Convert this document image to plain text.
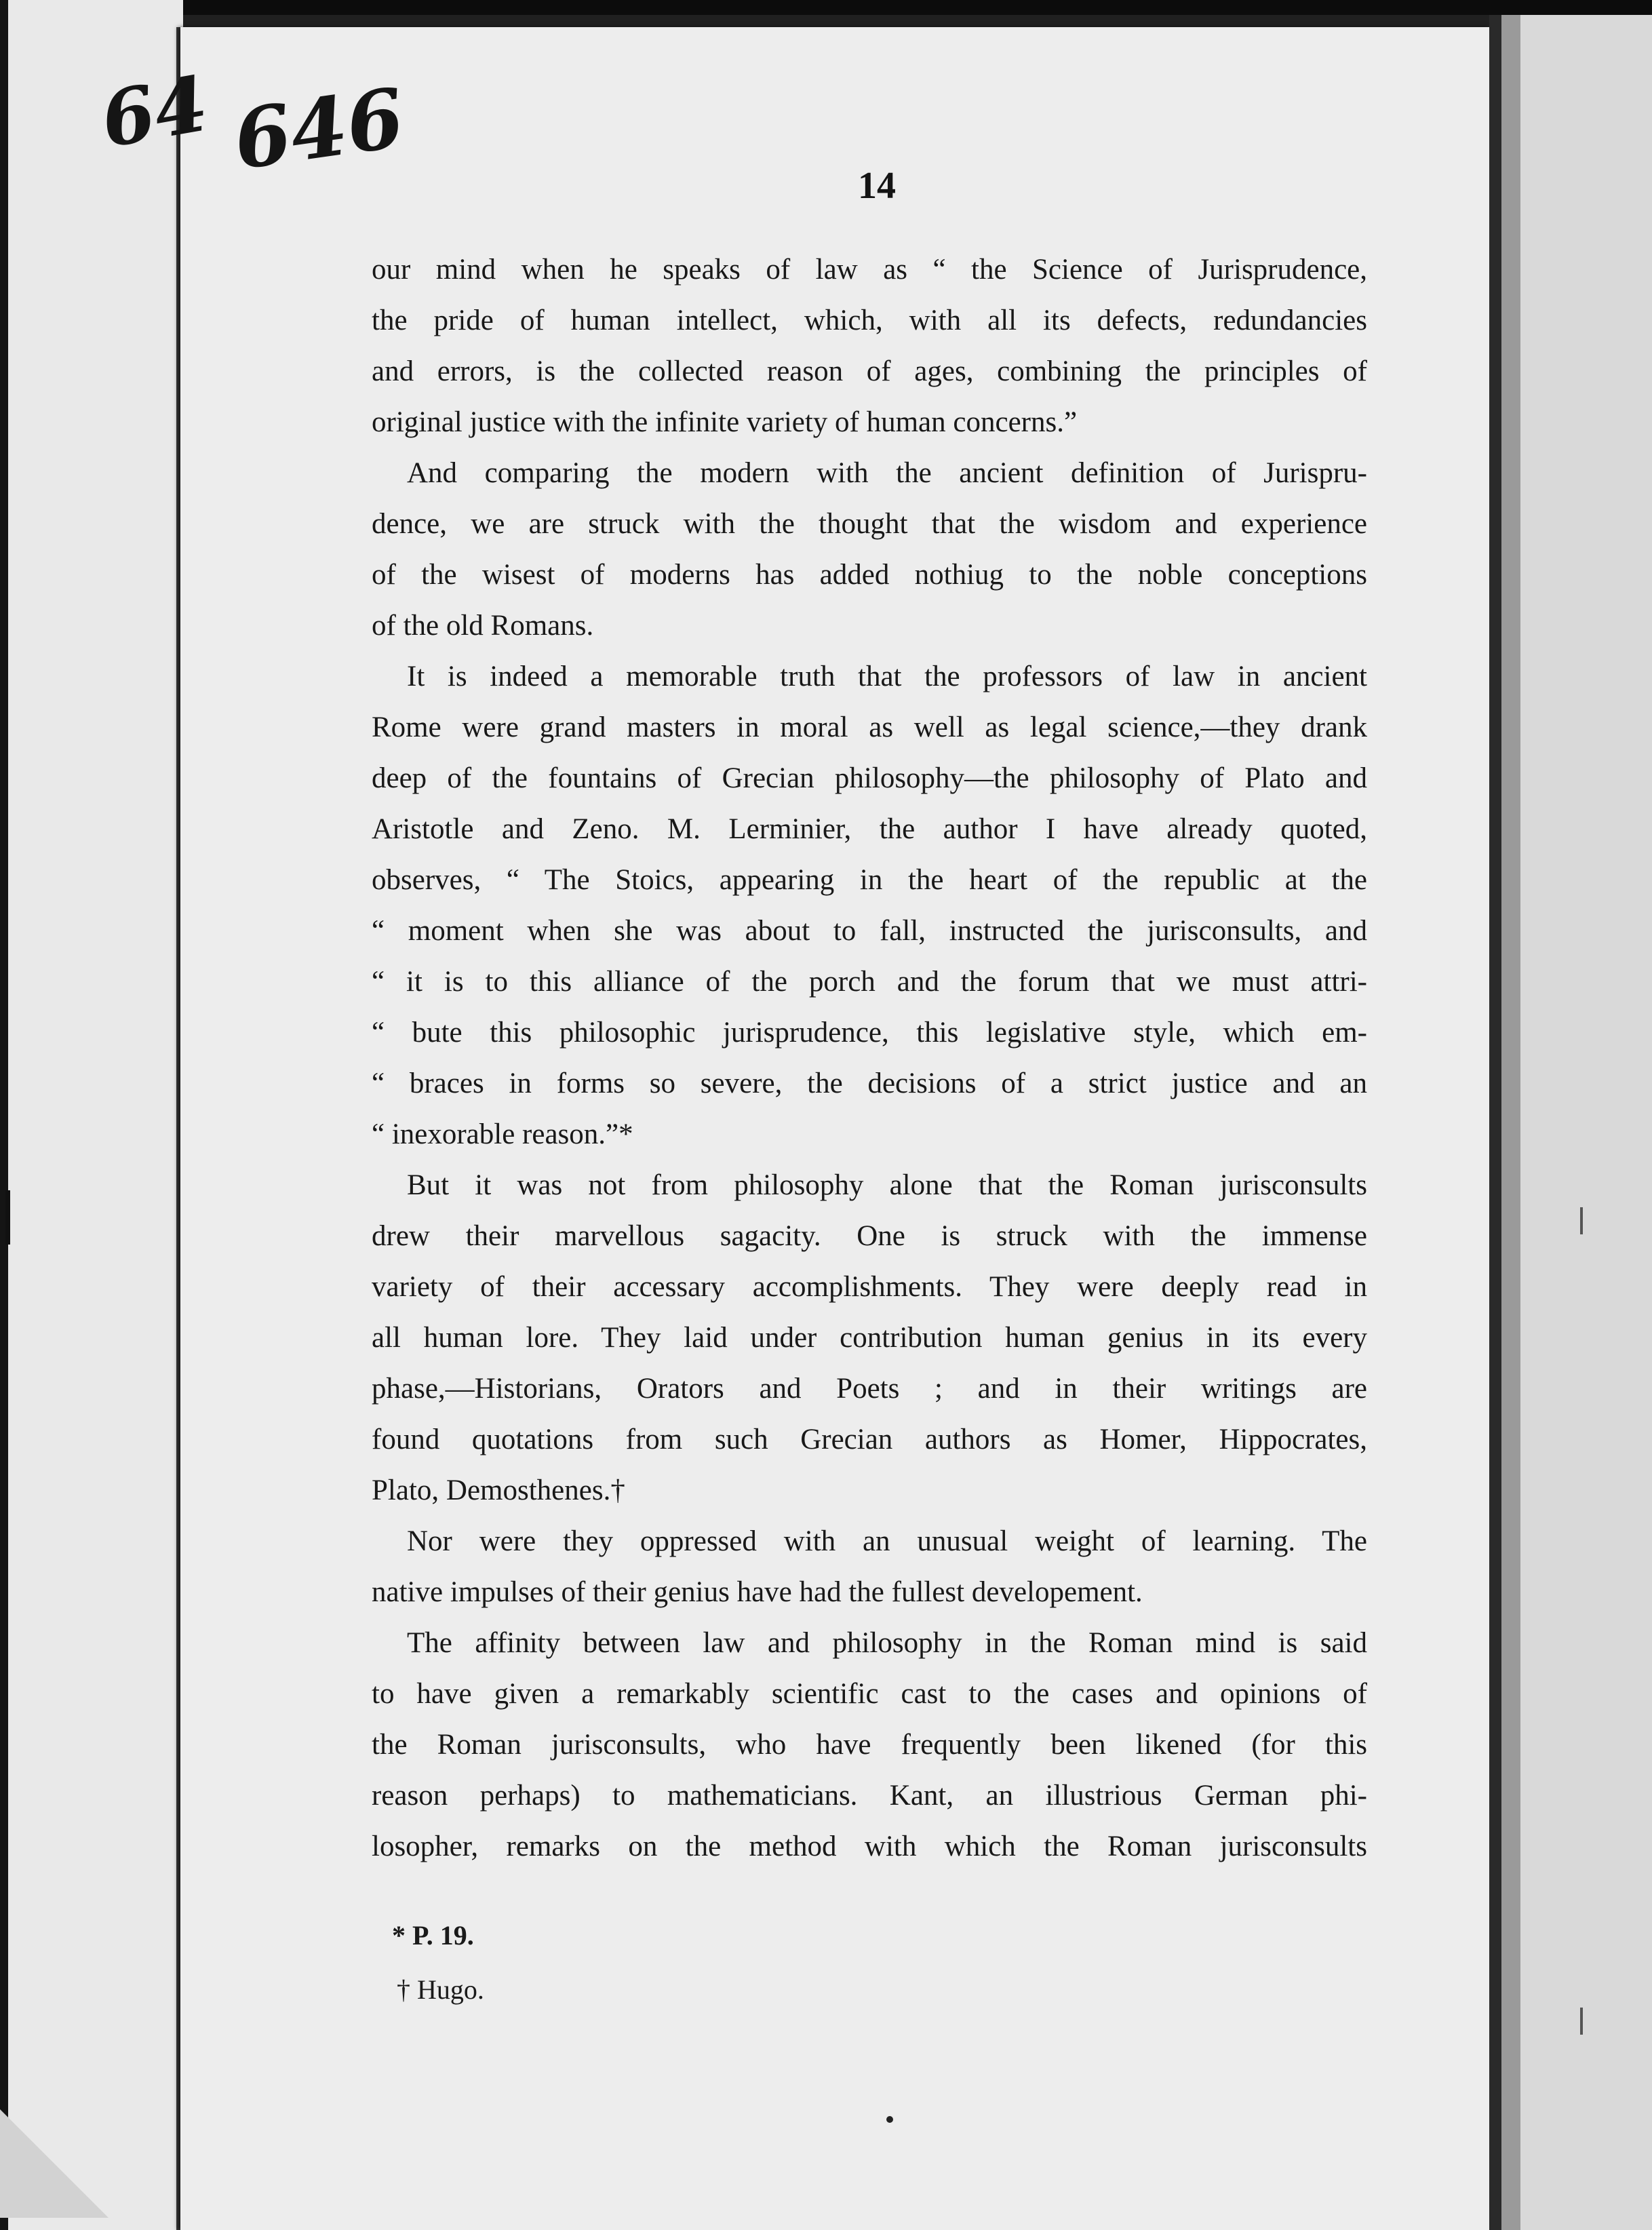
64 646	14
our mind when he speaks of law as “ the Science of Jurisprudence,
the pride of human intellect, which, with all its defects, redundancies
and errors, is the collected reason of ages, combining the principles of
original justice with the infinite variety of human concerns.”
And comparing the modern with the ancient definition of Jurispru-
dence, we are struck with the thought that the wisdom and experience
of the wisest of moderns has added nothiug to the noble conceptions
of the old Romans.
It is indeed a memorable truth that the professors of law in ancient
Rome were grand masters in moral as well as legal science,—they drank
deep of the fountains of Grecian philosophy—the philosophy of Plato and
Aristotle and Zeno. M. Lerminier, the author I have already quoted,
observes, “ The Stoics, appearing in the heart of the republic at the
“ moment when she was about to fall, instructed the jurisconsults, and
“ it is to this alliance of the porch and the forum that we must attri-
“ bute this philosophic jurisprudence, this legislative style, which em-
“ braces in forms so severe, the decisions of a strict justice and an
“ inexorable reason.”*
But it was not from philosophy alone that the Roman jurisconsults
drew their marvellous sagacity. One is struck with the immense
variety of their accessary accomplishments. They were deeply read in
all human lore. They laid under contribution human genius in its every
phase,—Historians, Orators and Poets ; and in their writings are
found quotations from such Grecian authors as Homer, Hippocrates,
Plato, Demosthenes.†
Nor were they oppressed with an unusual weight of learning. The
native impulses of their genius have had the fullest developement.
The affinity between law and philosophy in the Roman mind is said
to have given a remarkably scientific cast to the cases and opinions of
the Roman jurisconsults, who have frequently been likened (for this
reason perhaps) to mathematicians. Kant, an illustrious German phi-
losopher, remarks on the method with which the Roman jurisconsults
* P. 19.
† Hugo.
